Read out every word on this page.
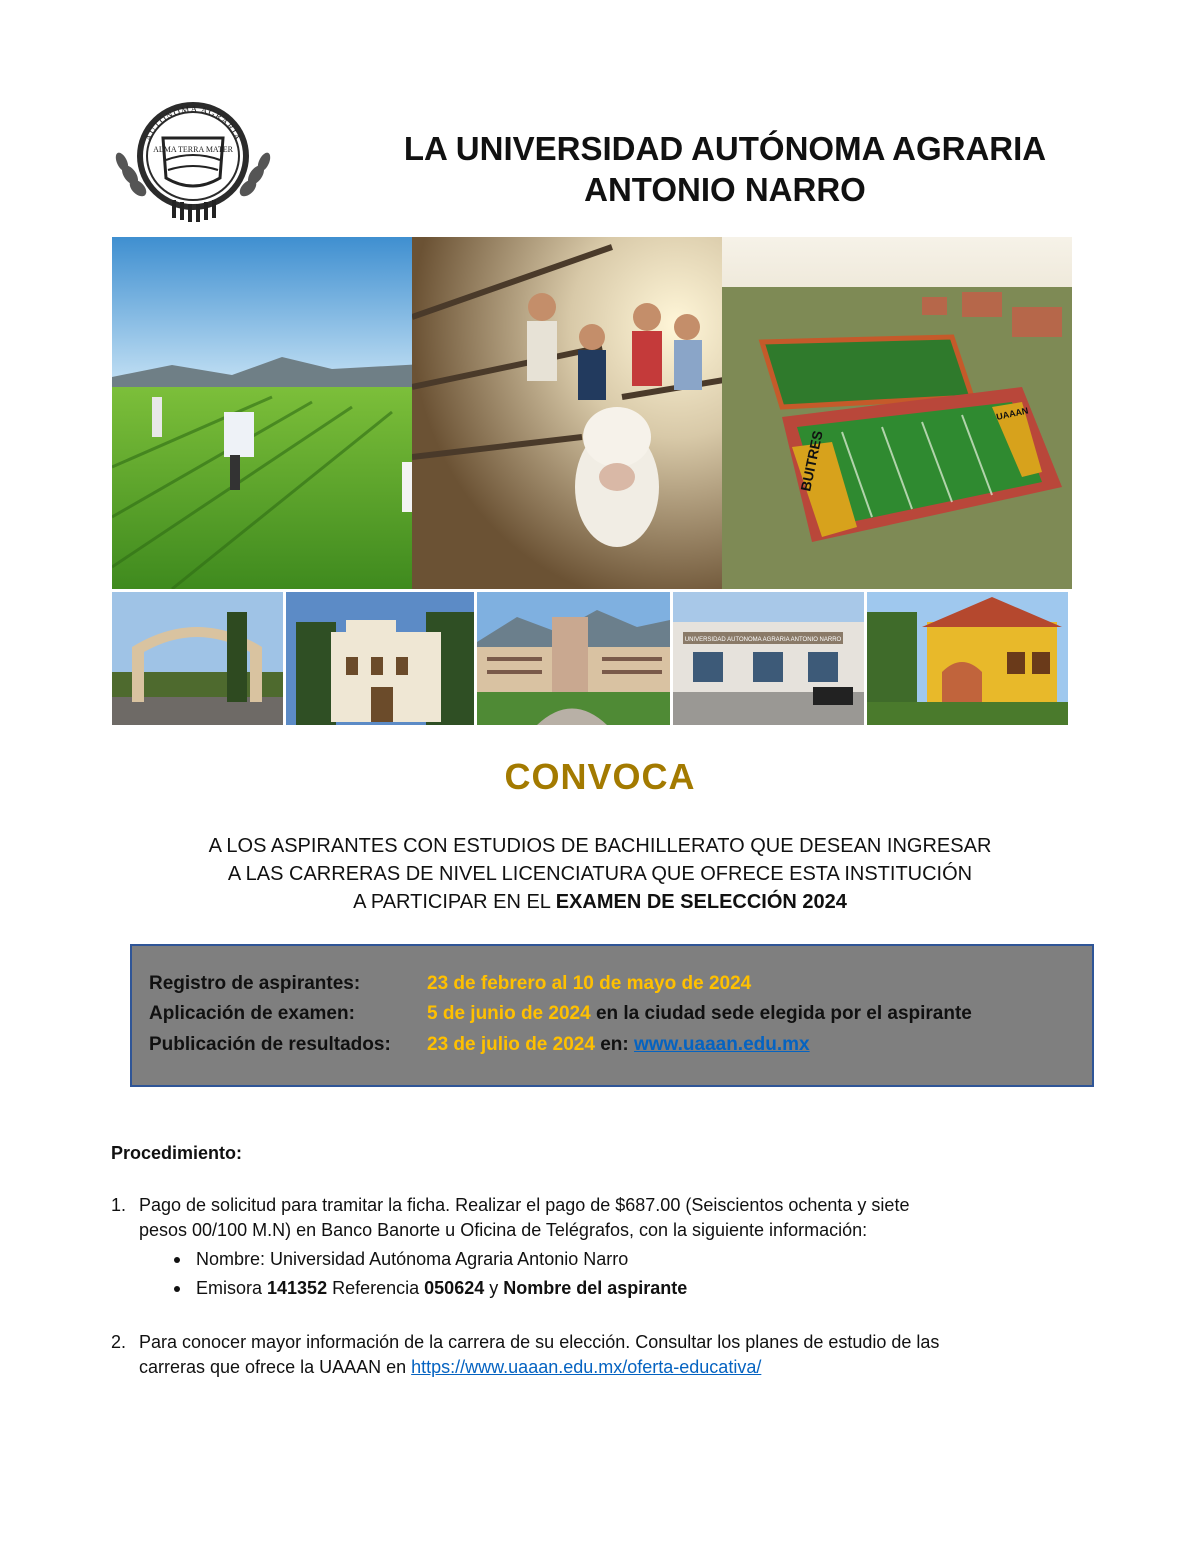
AUTÓNOMA AGRARIA
ALMA TERRA MATER	LA UNIVERSIDAD AUTÓNOMA AGRARIA
ANTONIO NARRO
BUITRES
UAAAN
UNIVERSIDAD AUTONOMA AGRARIA ANTONIO NARRO
CONVOCA
A LOS ASPIRANTES CON ESTUDIOS DE BACHILLERATO QUE DESEAN INGRESAR
A LAS CARRERAS DE NIVEL LICENCIATURA QUE OFRECE ESTA INSTITUCIÓN
A PARTICIPAR EN EL EXAMEN DE SELECCIÓN 2024
Registro de aspirantes:	23 de febrero al 10 de mayo de 2024
Aplicación de examen:	5 de junio de 2024 en la ciudad sede elegida por el aspirante
Publicación de resultados: 23 de julio de 2024 en: www.uaaan.edu.mx
Procedimiento:
1. Pago de solicitud para tramitar la ficha. Realizar el pago de $687.00 (Seiscientos ochenta y siete
pesos 00/100 M.N) en Banco Banorte u Oficina de Telégrafos, con la siguiente información:
Nombre: Universidad Autónoma Agraria Antonio Narro
Emisora 141352 Referencia 050624 y Nombre del aspirante
2. Para conocer mayor información de la carrera de su elección. Consultar los planes de estudio de las
carreras que ofrece la UAAAN en https://www.uaaan.edu.mx/oferta-educativa/
